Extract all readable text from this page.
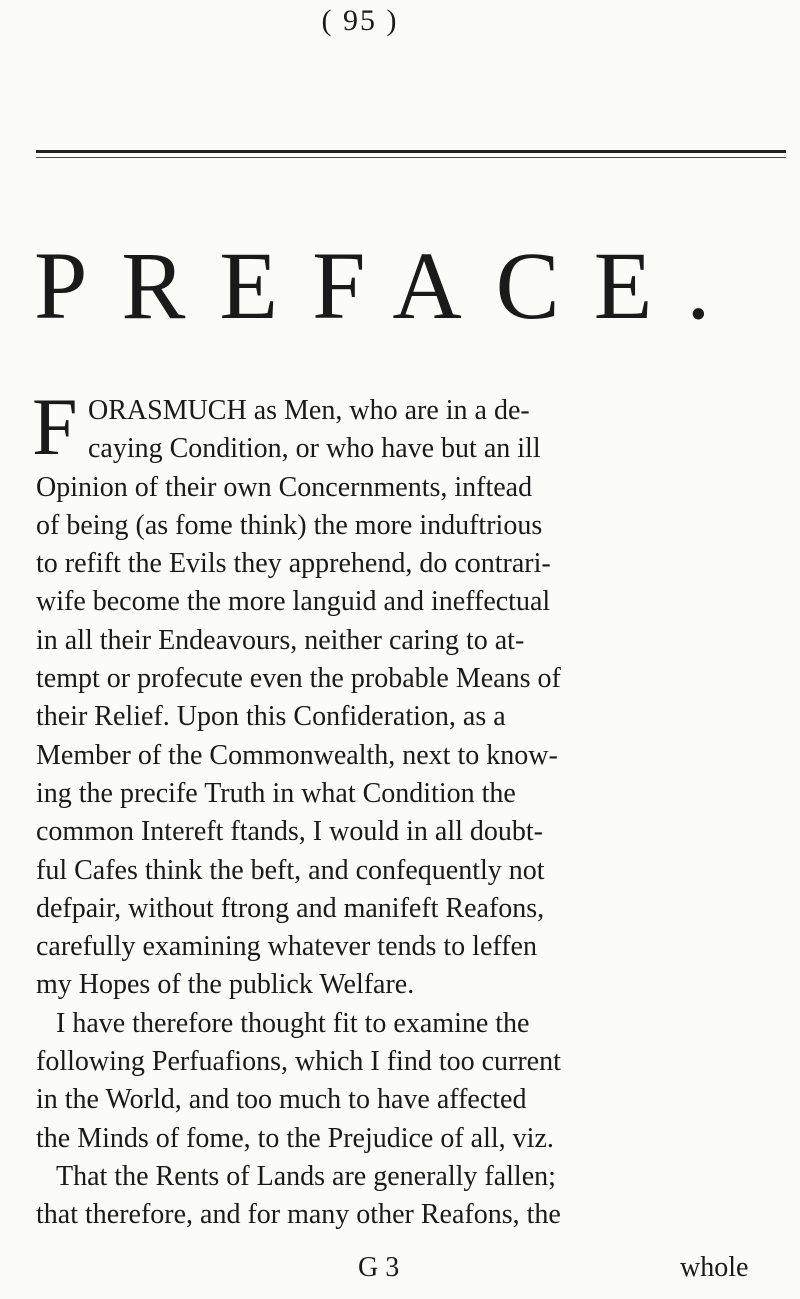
( 95 )
PREFACE.
F ORASMUCH as Men, who are in a de-
caying Condition, or who have but an ill
Opinion of their own Concernments, inftead
of being (as fome think) the more induftrious
to refift the Evils they apprehend, do contrari-
wife become the more languid and ineffectual
in all their Endeavours, neither caring to at-
tempt or profecute even the probable Means of
their Relief. Upon this Confideration, as a
Member of the Commonwealth, next to know-
ing the precife Truth in what Condition the
common Intereft ftands, I would in all doubt-
ful Cafes think the beft, and confequently not
defpair, without ftrong and manifeft Reafons,
carefully examining whatever tends to leffen
my Hopes of the publick Welfare.
I have therefore thought fit to examine the
following Perfuafions, which I find too current
in the World, and too much to have affected
the Minds of fome, to the Prejudice of all, viz.
That the Rents of Lands are generally fallen;
that therefore, and for many other Reafons, the
G 3	whole
